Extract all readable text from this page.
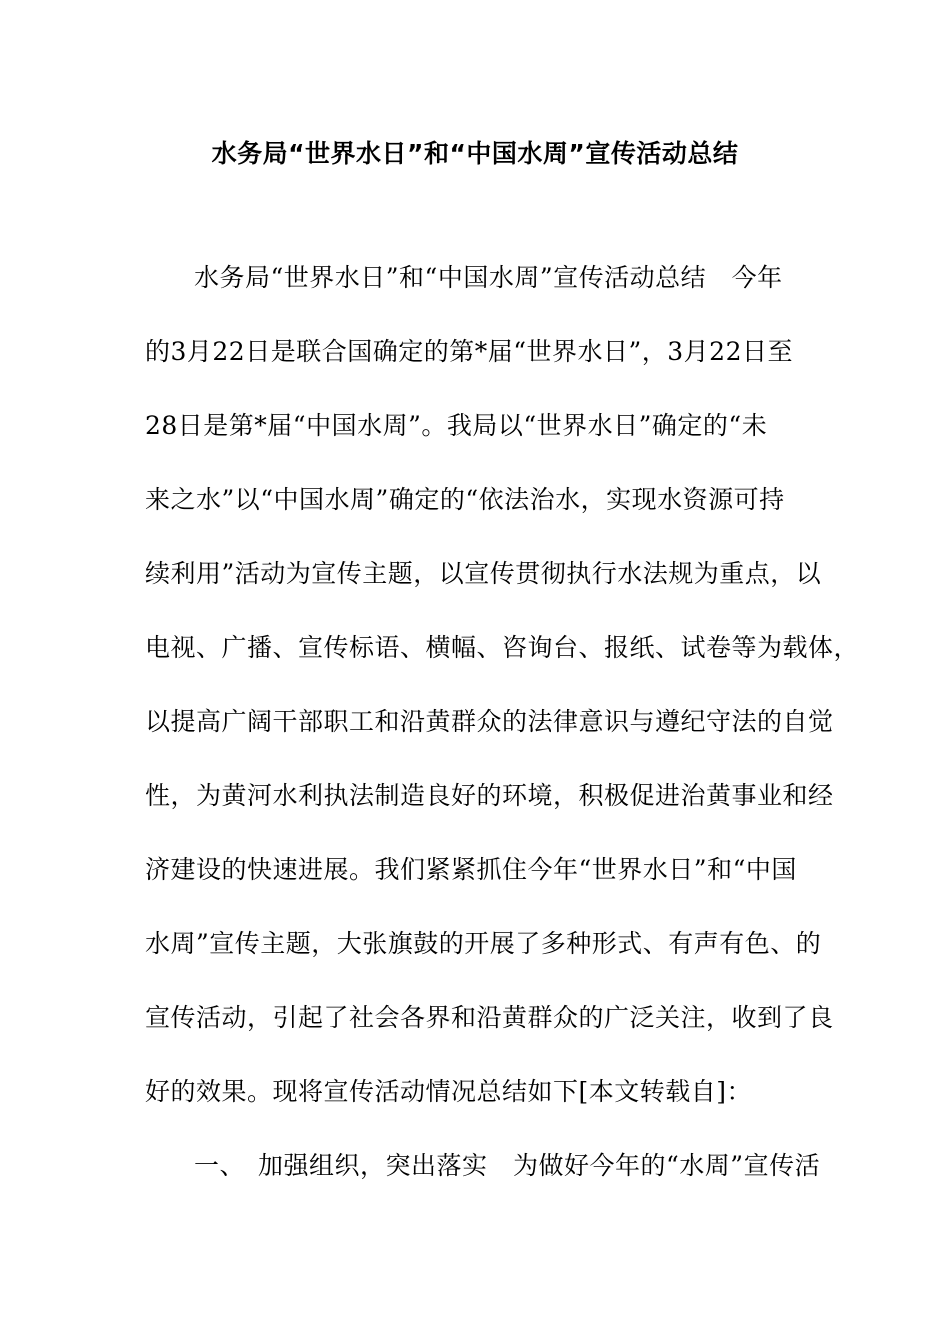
水务局“世界水日”和“中国水周”宣传活动总结
水务局“世界水日”和“中国水周”宣传活动总结　今年
的3月22日是联合国确定的第*届“世界水日”，3月22日至
28日是第*届“中国水周”。我局以“世界水日”确定的“未
来之水”以“中国水周”确定的“依法治水，实现水资源可持
续利用”活动为宣传主题，以宣传贯彻执行水法规为重点，以
电视、广播、宣传标语、横幅、咨询台、报纸、试卷等为载体，
以提高广阔干部职工和沿黄群众的法律意识与遵纪守法的自觉
性，为黄河水利执法制造良好的环境，积极促进治黄事业和经
济建设的快速进展。我们紧紧抓住今年“世界水日”和“中国
水周”宣传主题，大张旗鼓的开展了多种形式、有声有色、的
宣传活动，引起了社会各界和沿黄群众的广泛关注，收到了良
好的效果。现将宣传活动情况总结如下[本文转载自]：
一、　加强组织，突出落实　为做好今年的“水周”宣传活
